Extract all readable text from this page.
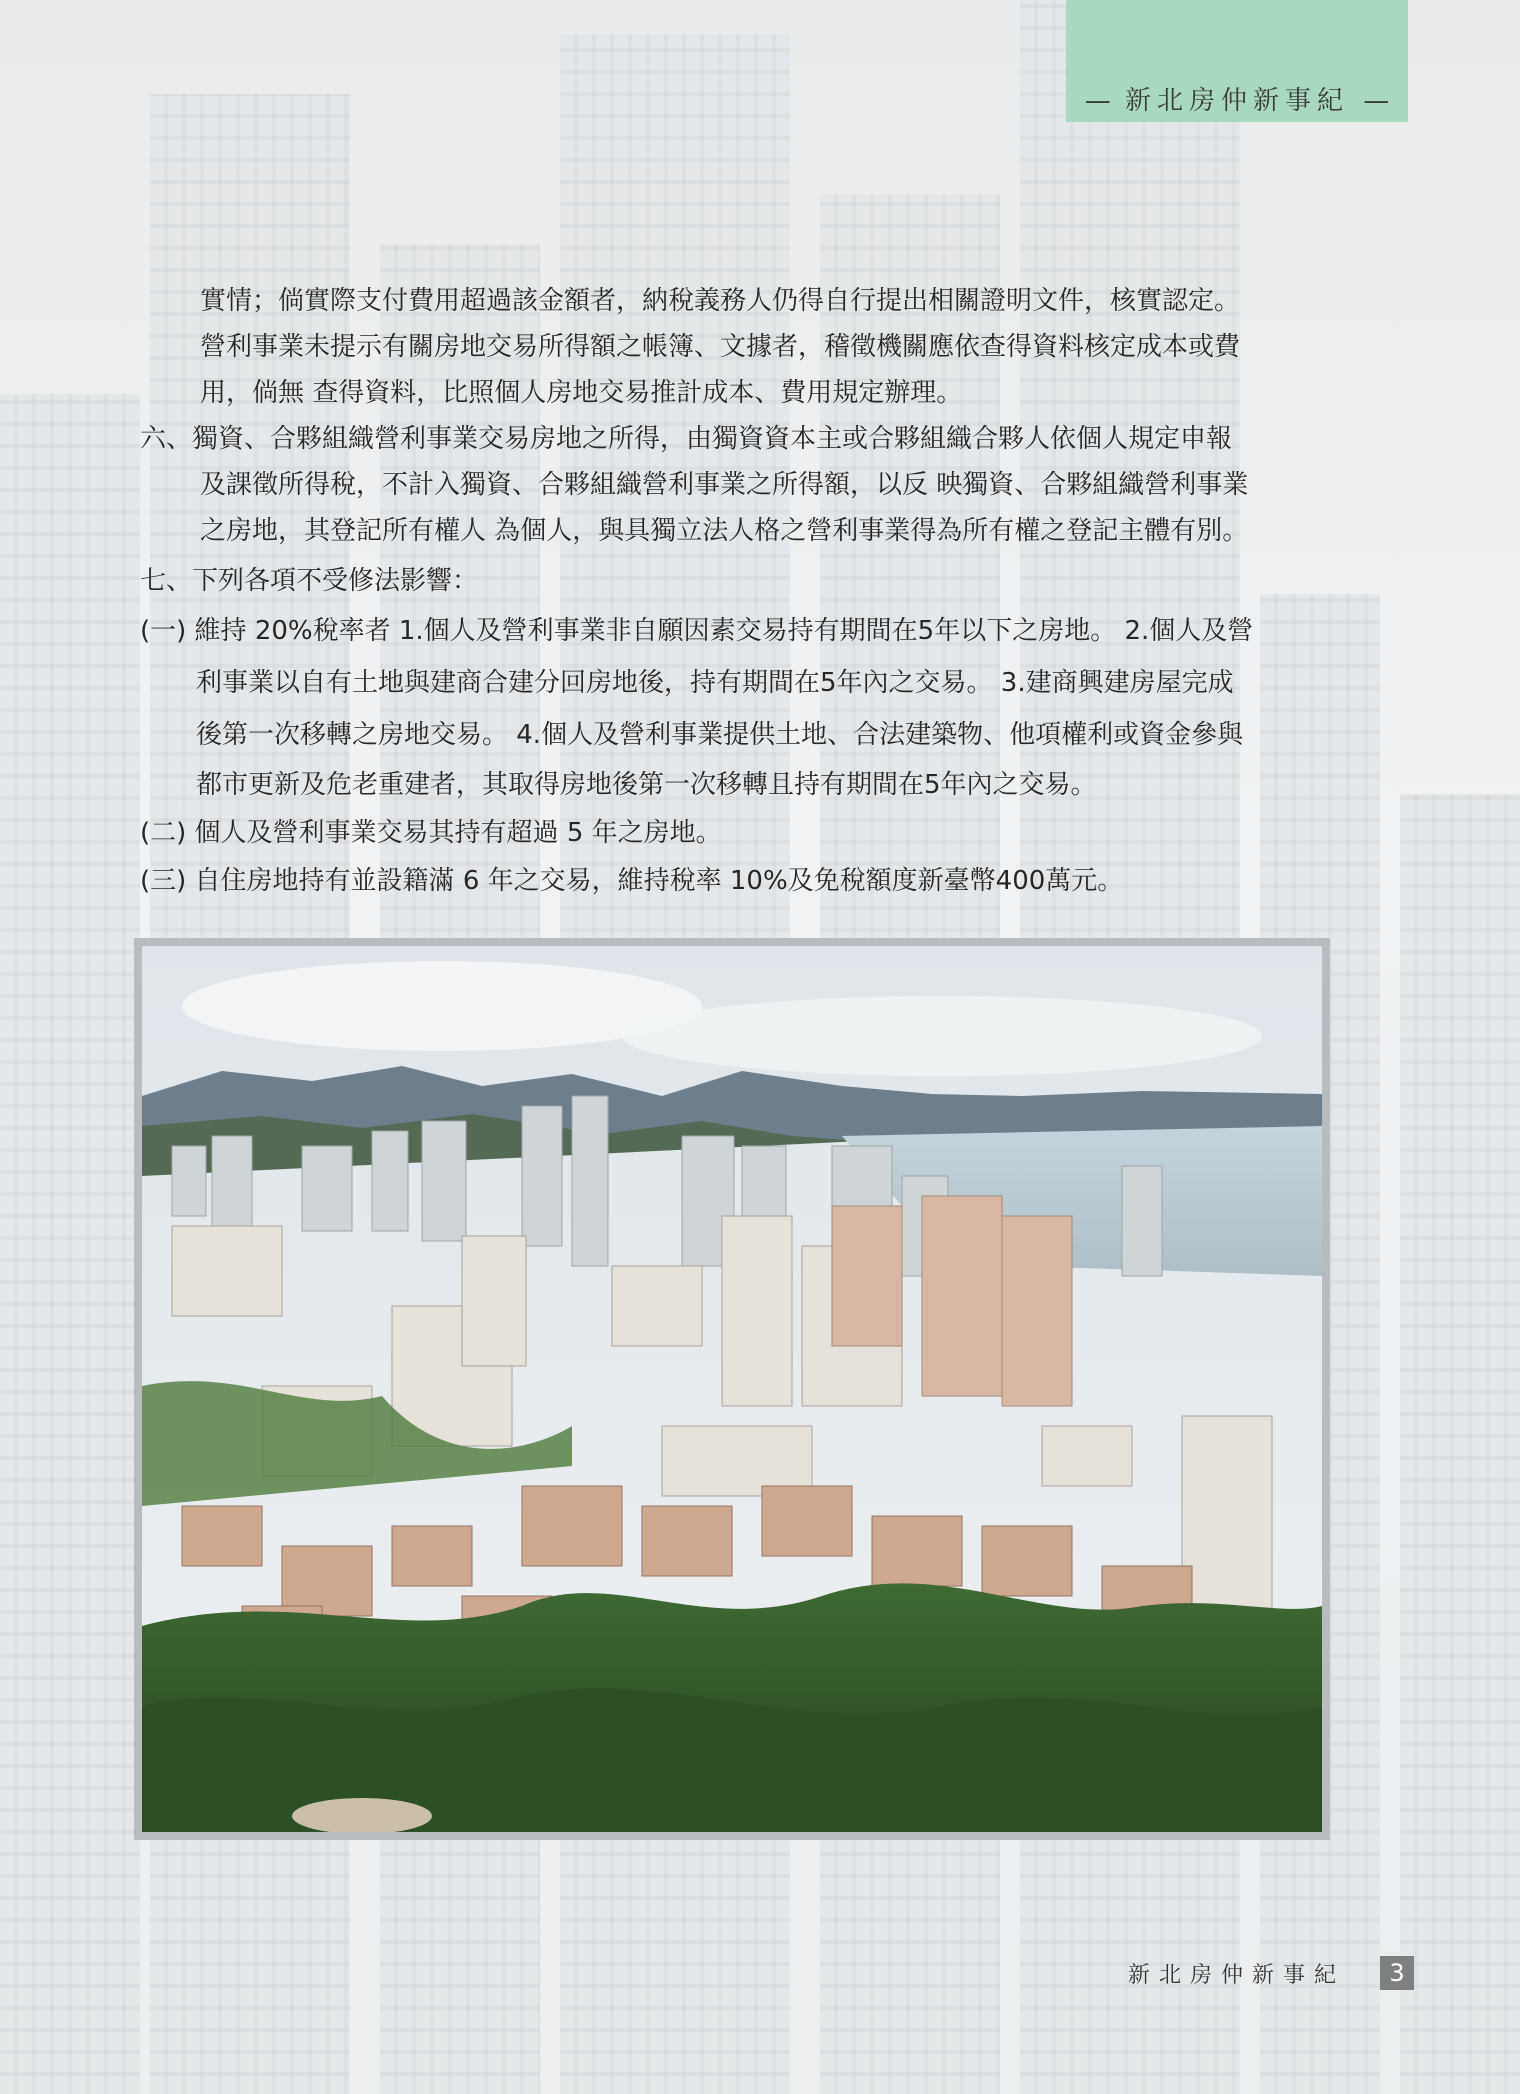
— 新北房仲新事紀 —
實情；倘實際支付費用超過該金額者，納稅義務人仍得自行提出相關證明文件，核實認定。
營利事業未提示有關房地交易所得額之帳簿、文據者，稽徵機關應依查得資料核定成本或費
用，倘無 查得資料，比照個人房地交易推計成本、費用規定辦理。
六、獨資、合夥組織營利事業交易房地之所得，由獨資資本主或合夥組織合夥人依個人規定申報
及課徵所得稅，不計入獨資、合夥組織營利事業之所得額，以反 映獨資、合夥組織營利事業
之房地，其登記所有權人 為個人，與具獨立法人格之營利事業得為所有權之登記主體有別。
七、下列各項不受修法影響：
(一) 維持 20%稅率者 1.個人及營利事業非自願因素交易持有期間在5年以下之房地。 2.個人及營
利事業以自有土地與建商合建分回房地後，持有期間在5年內之交易。 3.建商興建房屋完成
後第一次移轉之房地交易。 4.個人及營利事業提供土地、合法建築物、他項權利或資金參與
都市更新及危老重建者，其取得房地後第一次移轉且持有期間在5年內之交易。
(二) 個人及營利事業交易其持有超過 5 年之房地。
(三) 自住房地持有並設籍滿 6 年之交易，維持稅率 10%及免稅額度新臺幣400萬元。
新北房仲新事紀	3
